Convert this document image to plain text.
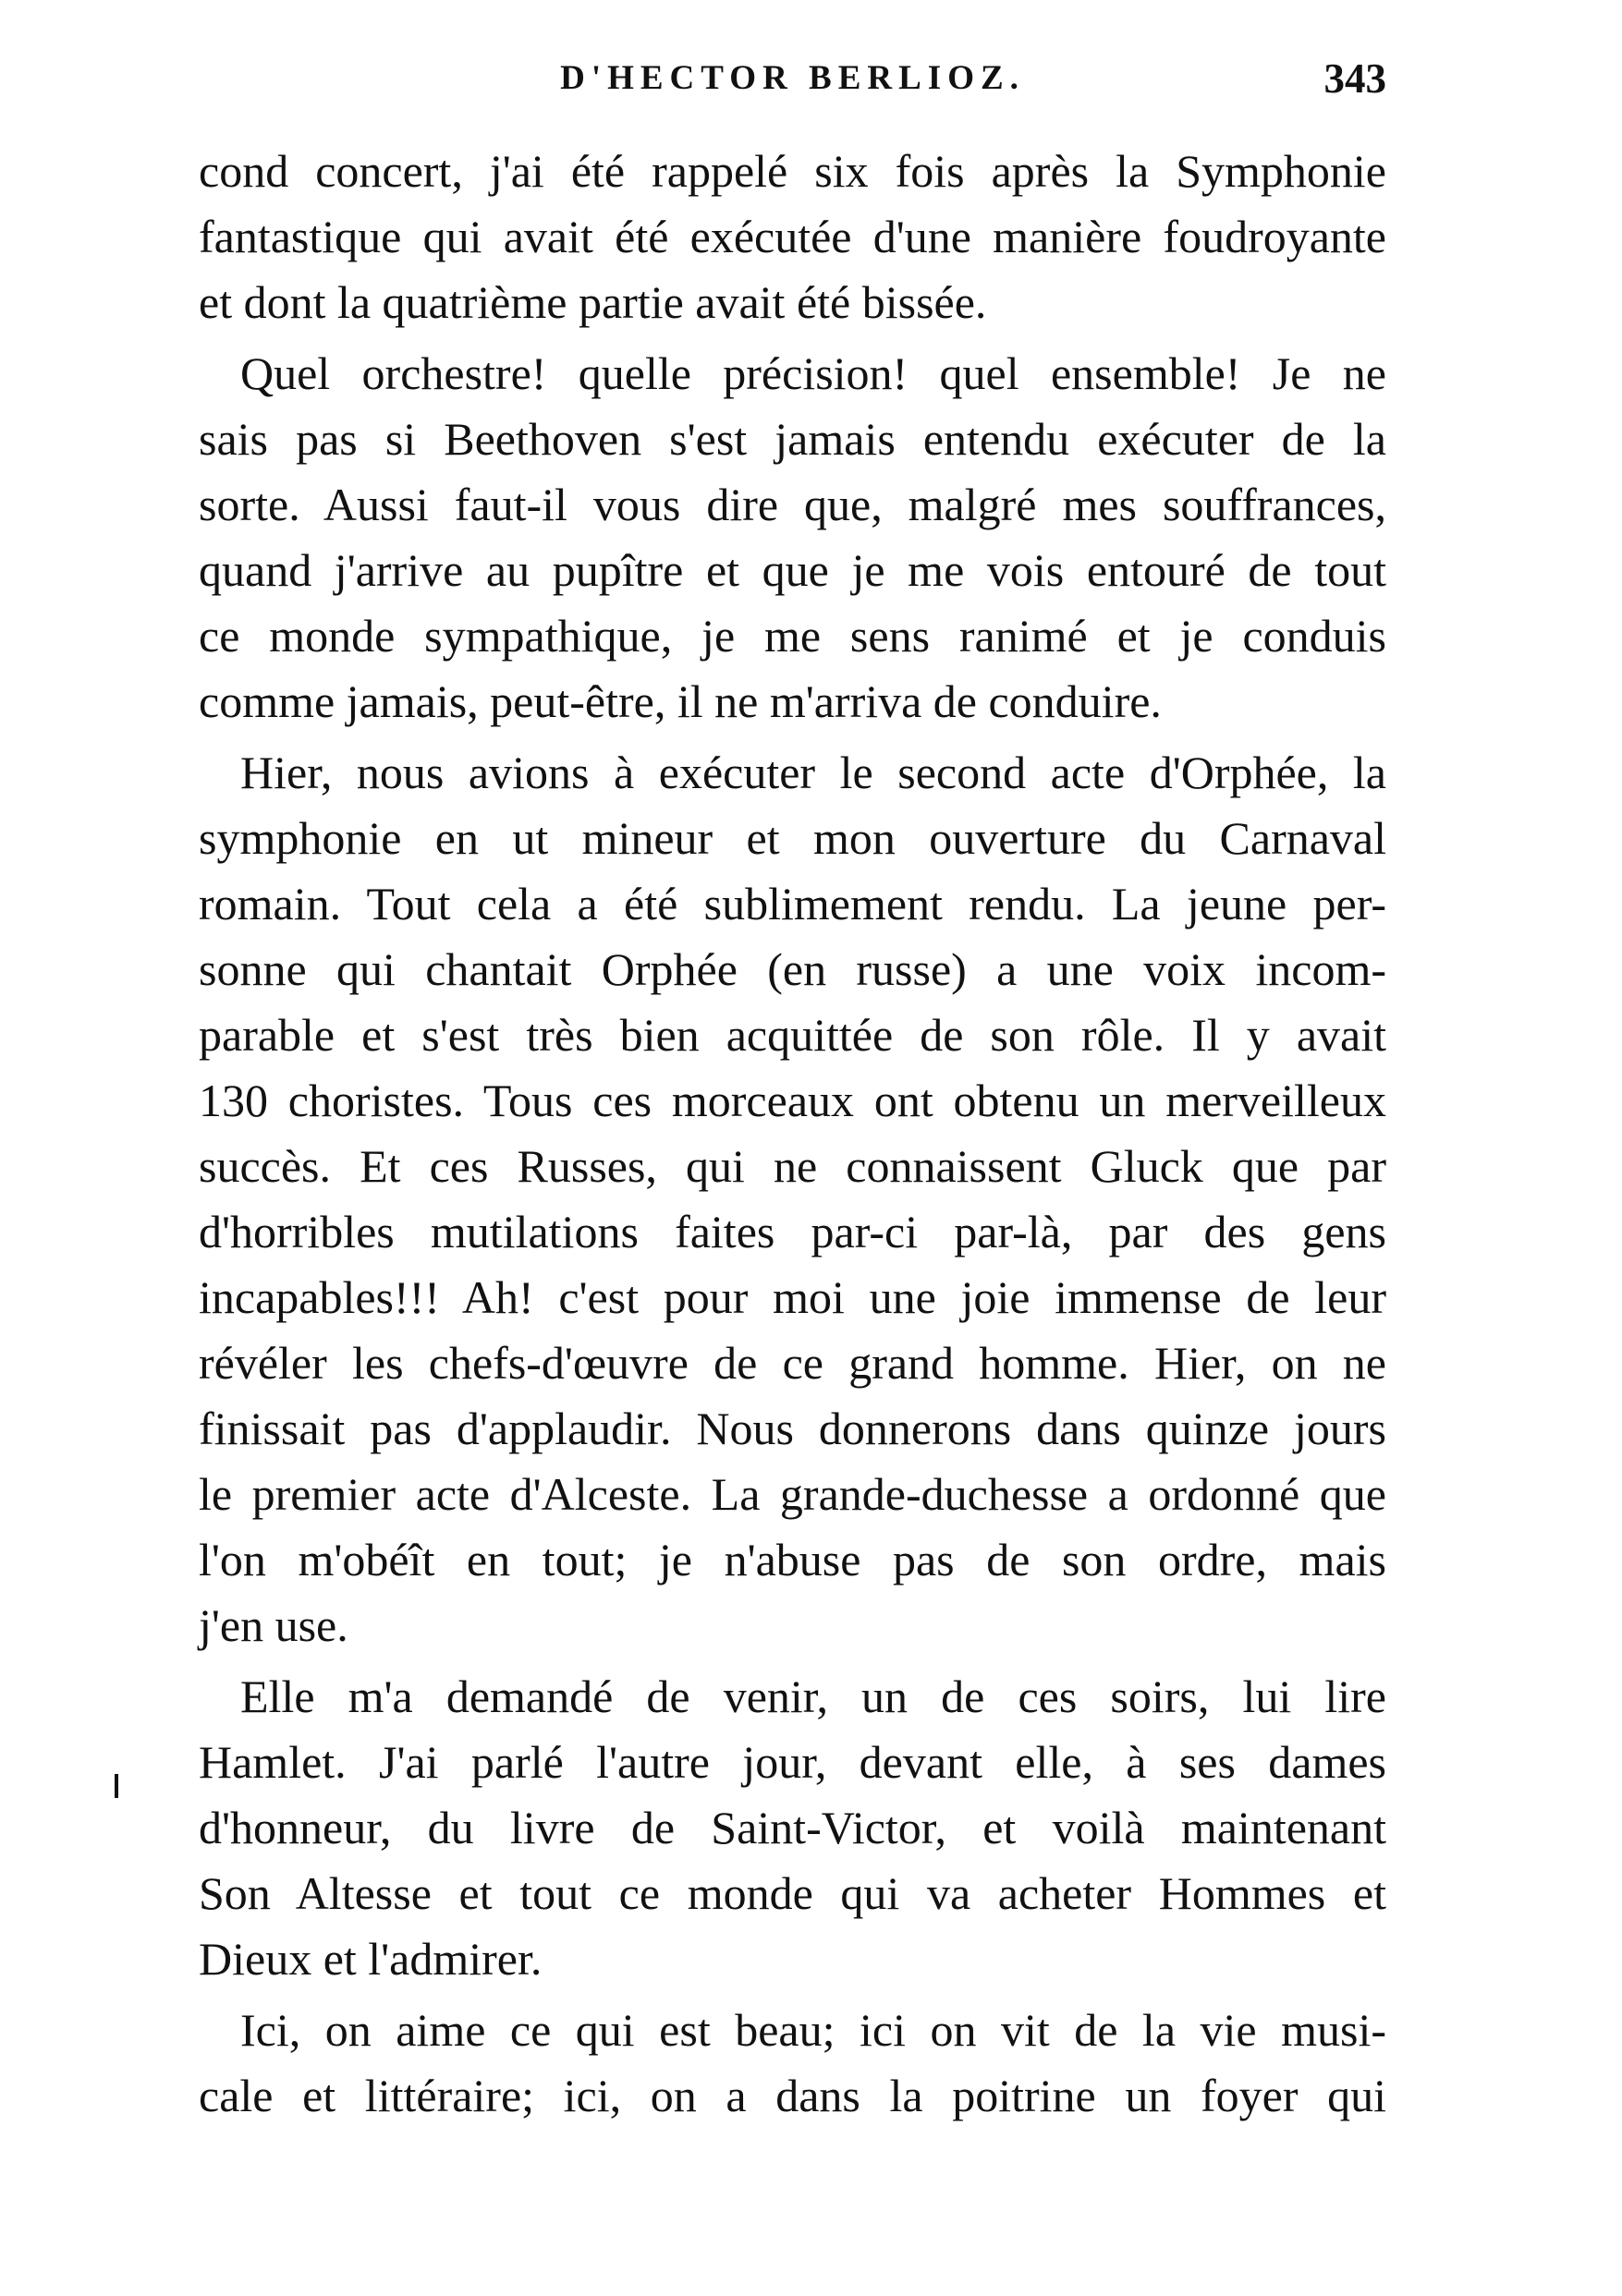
D'HECTOR BERLIOZ.	343
cond concert, j'ai été rappelé six fois après la Symphonie
fantastique qui avait été exécutée d'une manière foudroyante
et dont la quatrième partie avait été bissée.
Quel orchestre! quelle précision! quel ensemble! Je ne
sais pas si Beethoven s'est jamais entendu exécuter de la
sorte. Aussi faut-il vous dire que, malgré mes souffrances,
quand j'arrive au pupître et que je me vois entouré de tout
ce monde sympathique, je me sens ranimé et je conduis
comme jamais, peut-être, il ne m'arriva de conduire.
Hier, nous avions à exécuter le second acte d'Orphée, la
symphonie en ut mineur et mon ouverture du Carnaval
romain. Tout cela a été sublimement rendu. La jeune per-
sonne qui chantait Orphée (en russe) a une voix incom-
parable et s'est très bien acquittée de son rôle. Il y avait
130 choristes. Tous ces morceaux ont obtenu un merveilleux
succès. Et ces Russes, qui ne connaissent Gluck que par
d'horribles mutilations faites par-ci par-là, par des gens
incapables!!! Ah! c'est pour moi une joie immense de leur
révéler les chefs-d'œuvre de ce grand homme. Hier, on ne
finissait pas d'applaudir. Nous donnerons dans quinze jours
le premier acte d'Alceste. La grande-duchesse a ordonné que
l'on m'obéît en tout; je n'abuse pas de son ordre, mais
j'en use.
Elle m'a demandé de venir, un de ces soirs, lui lire
Hamlet. J'ai parlé l'autre jour, devant elle, à ses dames
d'honneur, du livre de Saint-Victor, et voilà maintenant
Son Altesse et tout ce monde qui va acheter Hommes et
Dieux et l'admirer.
Ici, on aime ce qui est beau; ici on vit de la vie musi-
cale et littéraire; ici, on a dans la poitrine un foyer qui
